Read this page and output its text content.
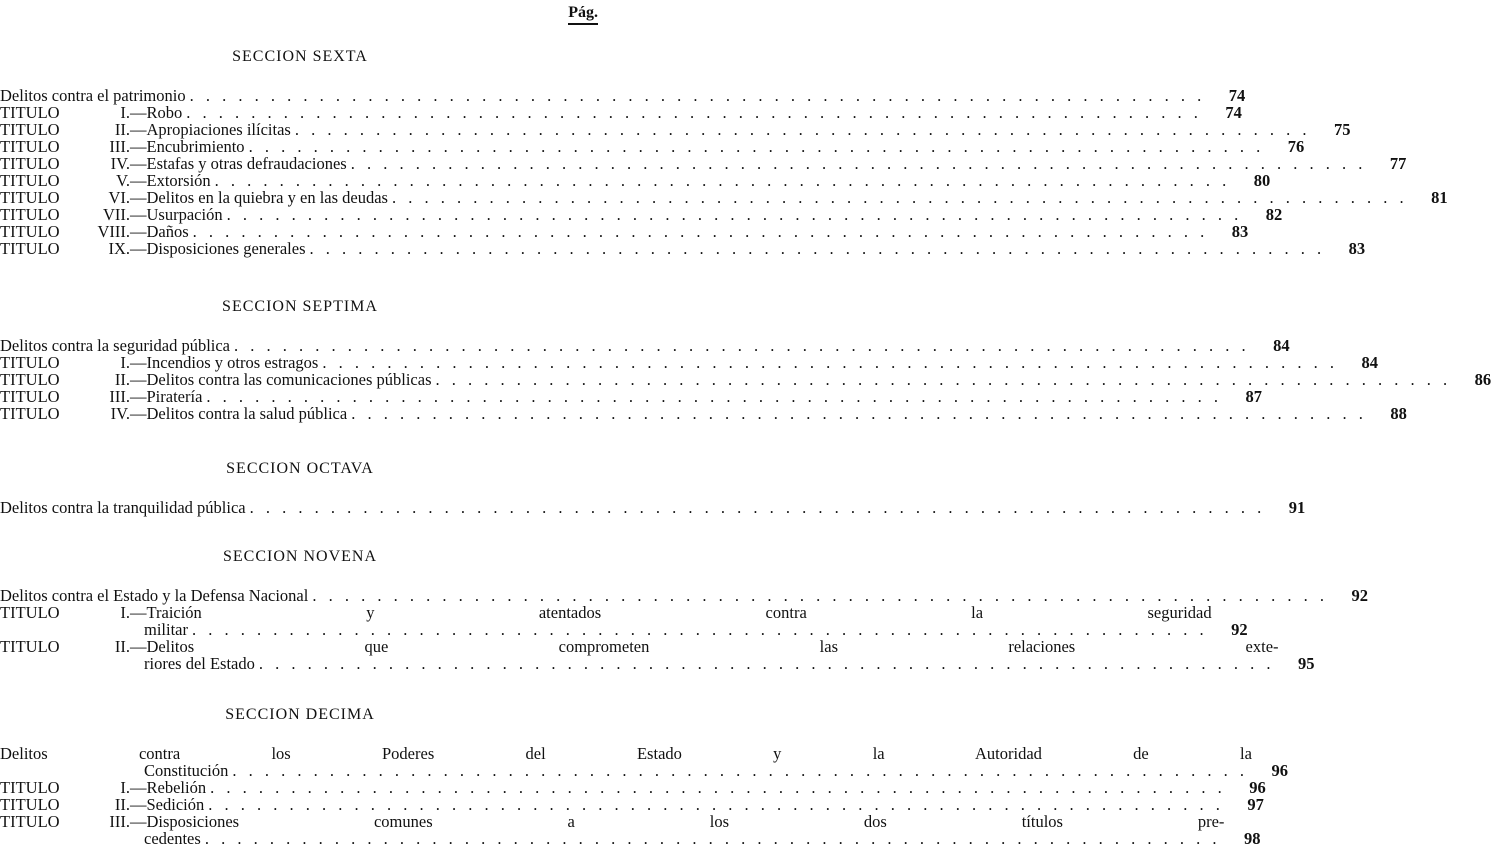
Pág.
SECCION SEXTA
Delitos contra el patrimonio . . .	74
TITULO	I. —Robo . . .	74
TITULO	II. —Apropiaciones ilícitas . . .	75
TITULO	III. —Encubrimiento . . .	76
TITULO	IV. —Estafas y otras defraudaciones . . .	77
TITULO	V. —Extorsión . . .	80
TITULO	VI. —Delitos en la quiebra y en las deudas . . .	81
TITULO	VII. —Usurpación . . .	82
TITULO	VIII. —Daños . . .	83
TITULO	IX. —Disposiciones generales . . .	83
SECCION SEPTIMA
Delitos contra la seguridad pública . . .	84
TITULO	I. —Incendios y otros estragos . . .	84
TITULO	II. —Delitos contra las comunicaciones públicas . . .	86
TITULO	III. —Piratería . . .	87
TITULO	IV. —Delitos contra la salud pública . . .	88
SECCION OCTAVA
Delitos contra la tranquilidad pública . . .	91
SECCION NOVENA
Delitos contra el Estado y la Defensa Nacional . . .	92
TITULO	I. —Traición y atentados contra la seguridad
militar . . .	92
TITULO	II. —Delitos que comprometen las relaciones exte-
riores del Estado . . .	95
SECCION DECIMA
Delitos contra los Poderes del Estado y la Autoridad de la
Constitución . . .	96
TITULO	I. —Rebelión . . .	96
TITULO	II. —Sedición . . .	97
TITULO	III. —Disposiciones comunes a los dos títulos pre-
cedentes . . .	98
